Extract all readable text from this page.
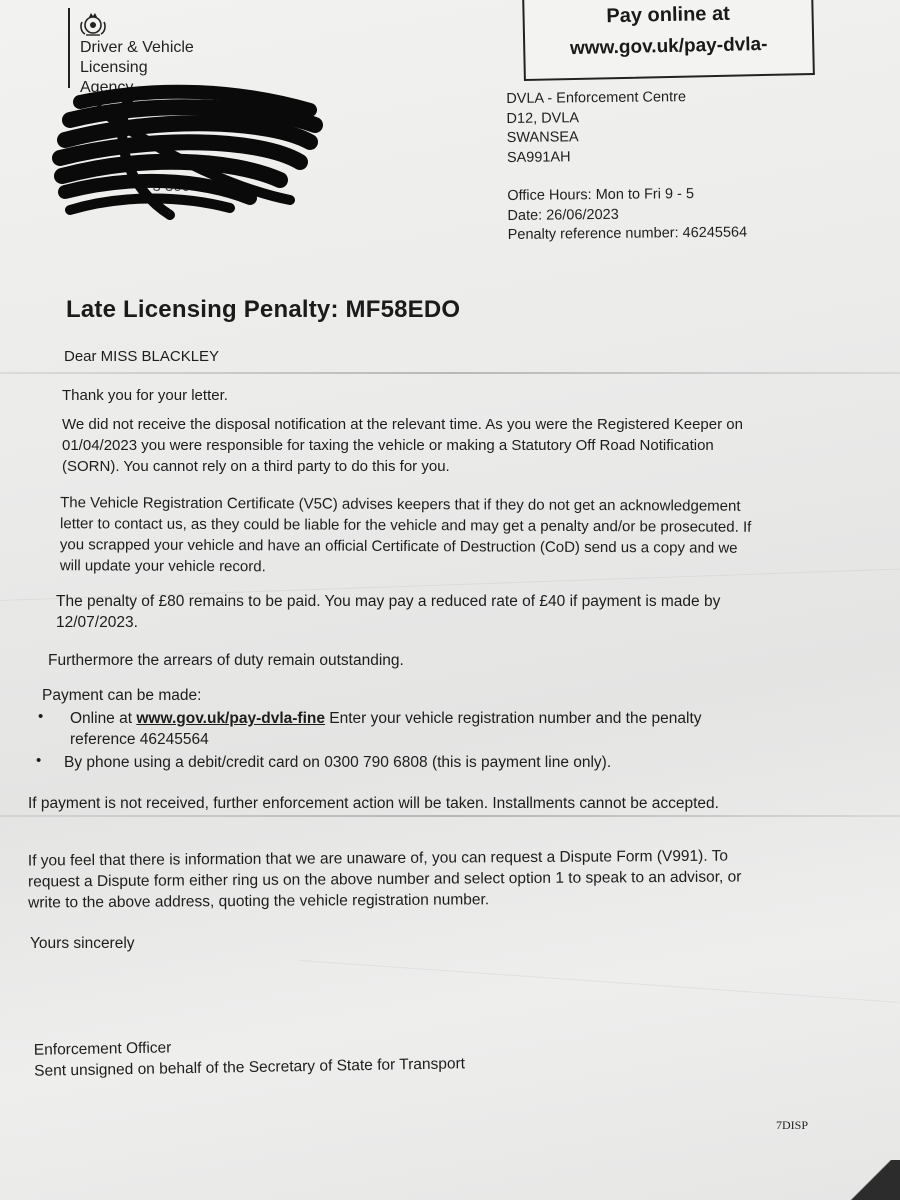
Driver & Vehicle
Licensing
Agency
0 3 300
Pay online at
www.gov.uk/pay-dvla-
DVLA - Enforcement Centre
D12, DVLA
SWANSEA
SA991AH
Office Hours: Mon to Fri 9 - 5
Date: 26/06/2023
Penalty reference number: 46245564
Late Licensing Penalty: MF58EDO
Dear MISS BLACKLEY
Thank you for your letter.
We did not receive the disposal notification at the relevant time. As you were the Registered Keeper on
01/04/2023 you were responsible for taxing the vehicle or making a Statutory Off Road Notification
(SORN). You cannot rely on a third party to do this for you.
The Vehicle Registration Certificate (V5C) advises keepers that if they do not get an acknowledgement
letter to contact us, as they could be liable for the vehicle and may get a penalty and/or be prosecuted. If
you scrapped your vehicle and have an official Certificate of Destruction (CoD) send us a copy and we
will update your vehicle record.
The penalty of £80 remains to be paid. You may pay a reduced rate of £40 if payment is made by
12/07/2023.
Furthermore the arrears of duty remain outstanding.
Payment can be made:
• Online at www.gov.uk/pay-dvla-fine Enter your vehicle registration number and the penalty
reference 46245564
• By phone using a debit/credit card on 0300 790 6808 (this is payment line only).
If payment is not received, further enforcement action will be taken. Installments cannot be accepted.
If you feel that there is information that we are unaware of, you can request a Dispute Form (V991). To
request a Dispute form either ring us on the above number and select option 1 to speak to an advisor, or
write to the above address, quoting the vehicle registration number.
Yours sincerely
Enforcement Officer
Sent unsigned on behalf of the Secretary of State for Transport
7DISP
